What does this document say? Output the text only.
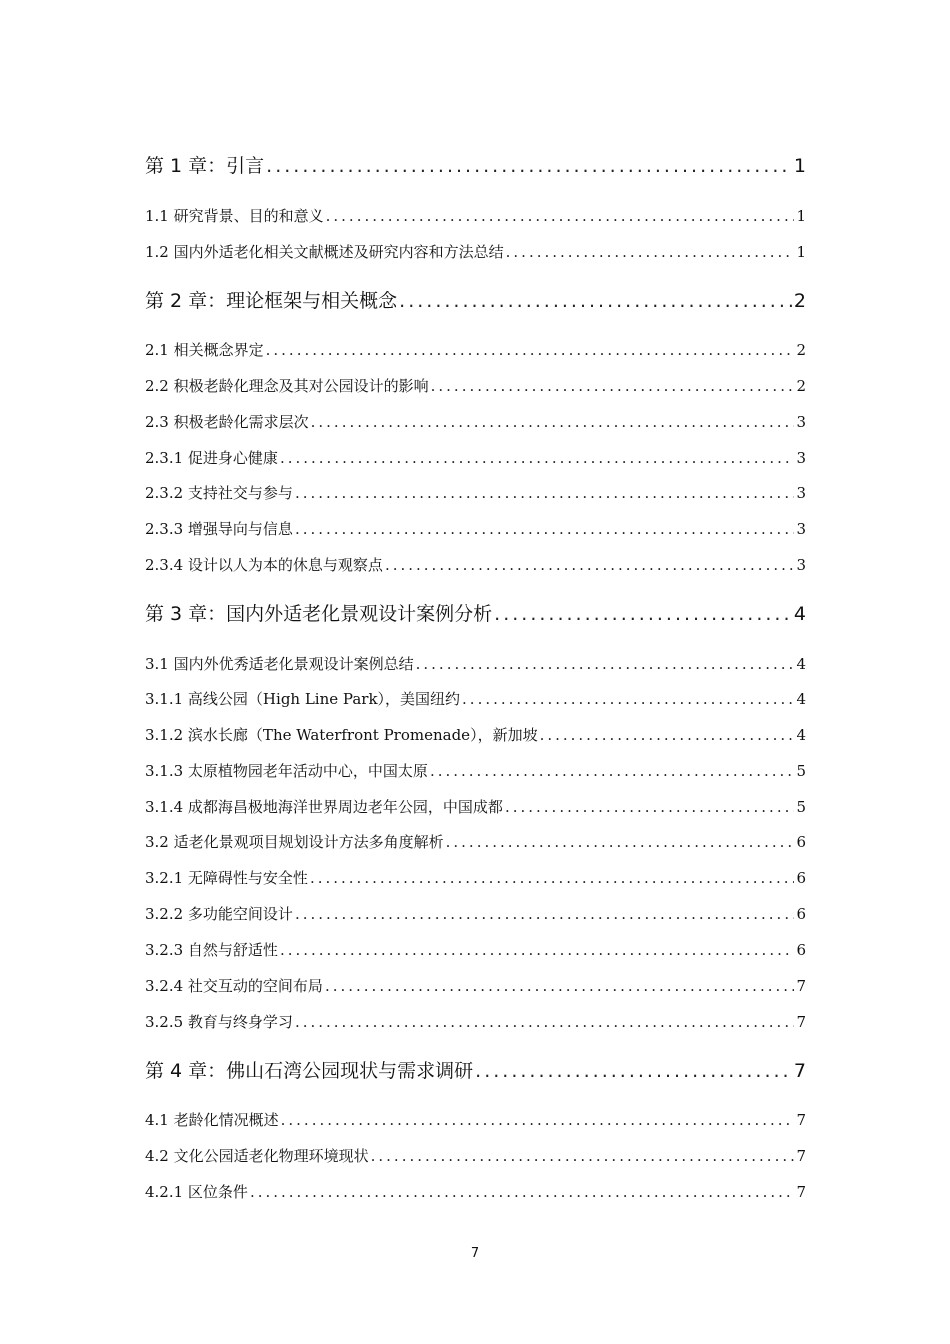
第 1 章：引言 .....	1
1.1 研究背景、目的和意义 .....	1
1.2 国内外适老化相关文献概述及研究内容和方法总结 .....	1
第 2 章：理论框架与相关概念 .....	2
2.1 相关概念界定 .....	2
2.2 积极老龄化理念及其对公园设计的影响 .....	2
2.3 积极老龄化需求层次 .....	3
2.3.1 促进身心健康 .....	3
2.3.2 支持社交与参与 .....	3
2.3.3 增强导向与信息 .....	3
2.3.4 设计以人为本的休息与观察点 .....	3
第 3 章：国内外适老化景观设计案例分析 .....	4
3.1 国内外优秀适老化景观设计案例总结 .....	4
3.1.1 高线公园（High Line Park），美国纽约 .....	4
3.1.2 滨水长廊（The Waterfront Promenade），新加坡 .....	4
3.1.3 太原植物园老年活动中心，中国太原 .....	5
3.1.4 成都海昌极地海洋世界周边老年公园，中国成都 .....	5
3.2 适老化景观项目规划设计方法多角度解析 .....	6
3.2.1 无障碍性与安全性 .....	6
3.2.2 多功能空间设计 .....	6
3.2.3 自然与舒适性 .....	6
3.2.4 社交互动的空间布局 .....	7
3.2.5 教育与终身学习 .....	7
第 4 章：佛山石湾公园现状与需求调研 .....	7
4.1 老龄化情况概述 .....	7
4.2 文化公园适老化物理环境现状 .....	7
4.2.1 区位条件 .....	7
7
